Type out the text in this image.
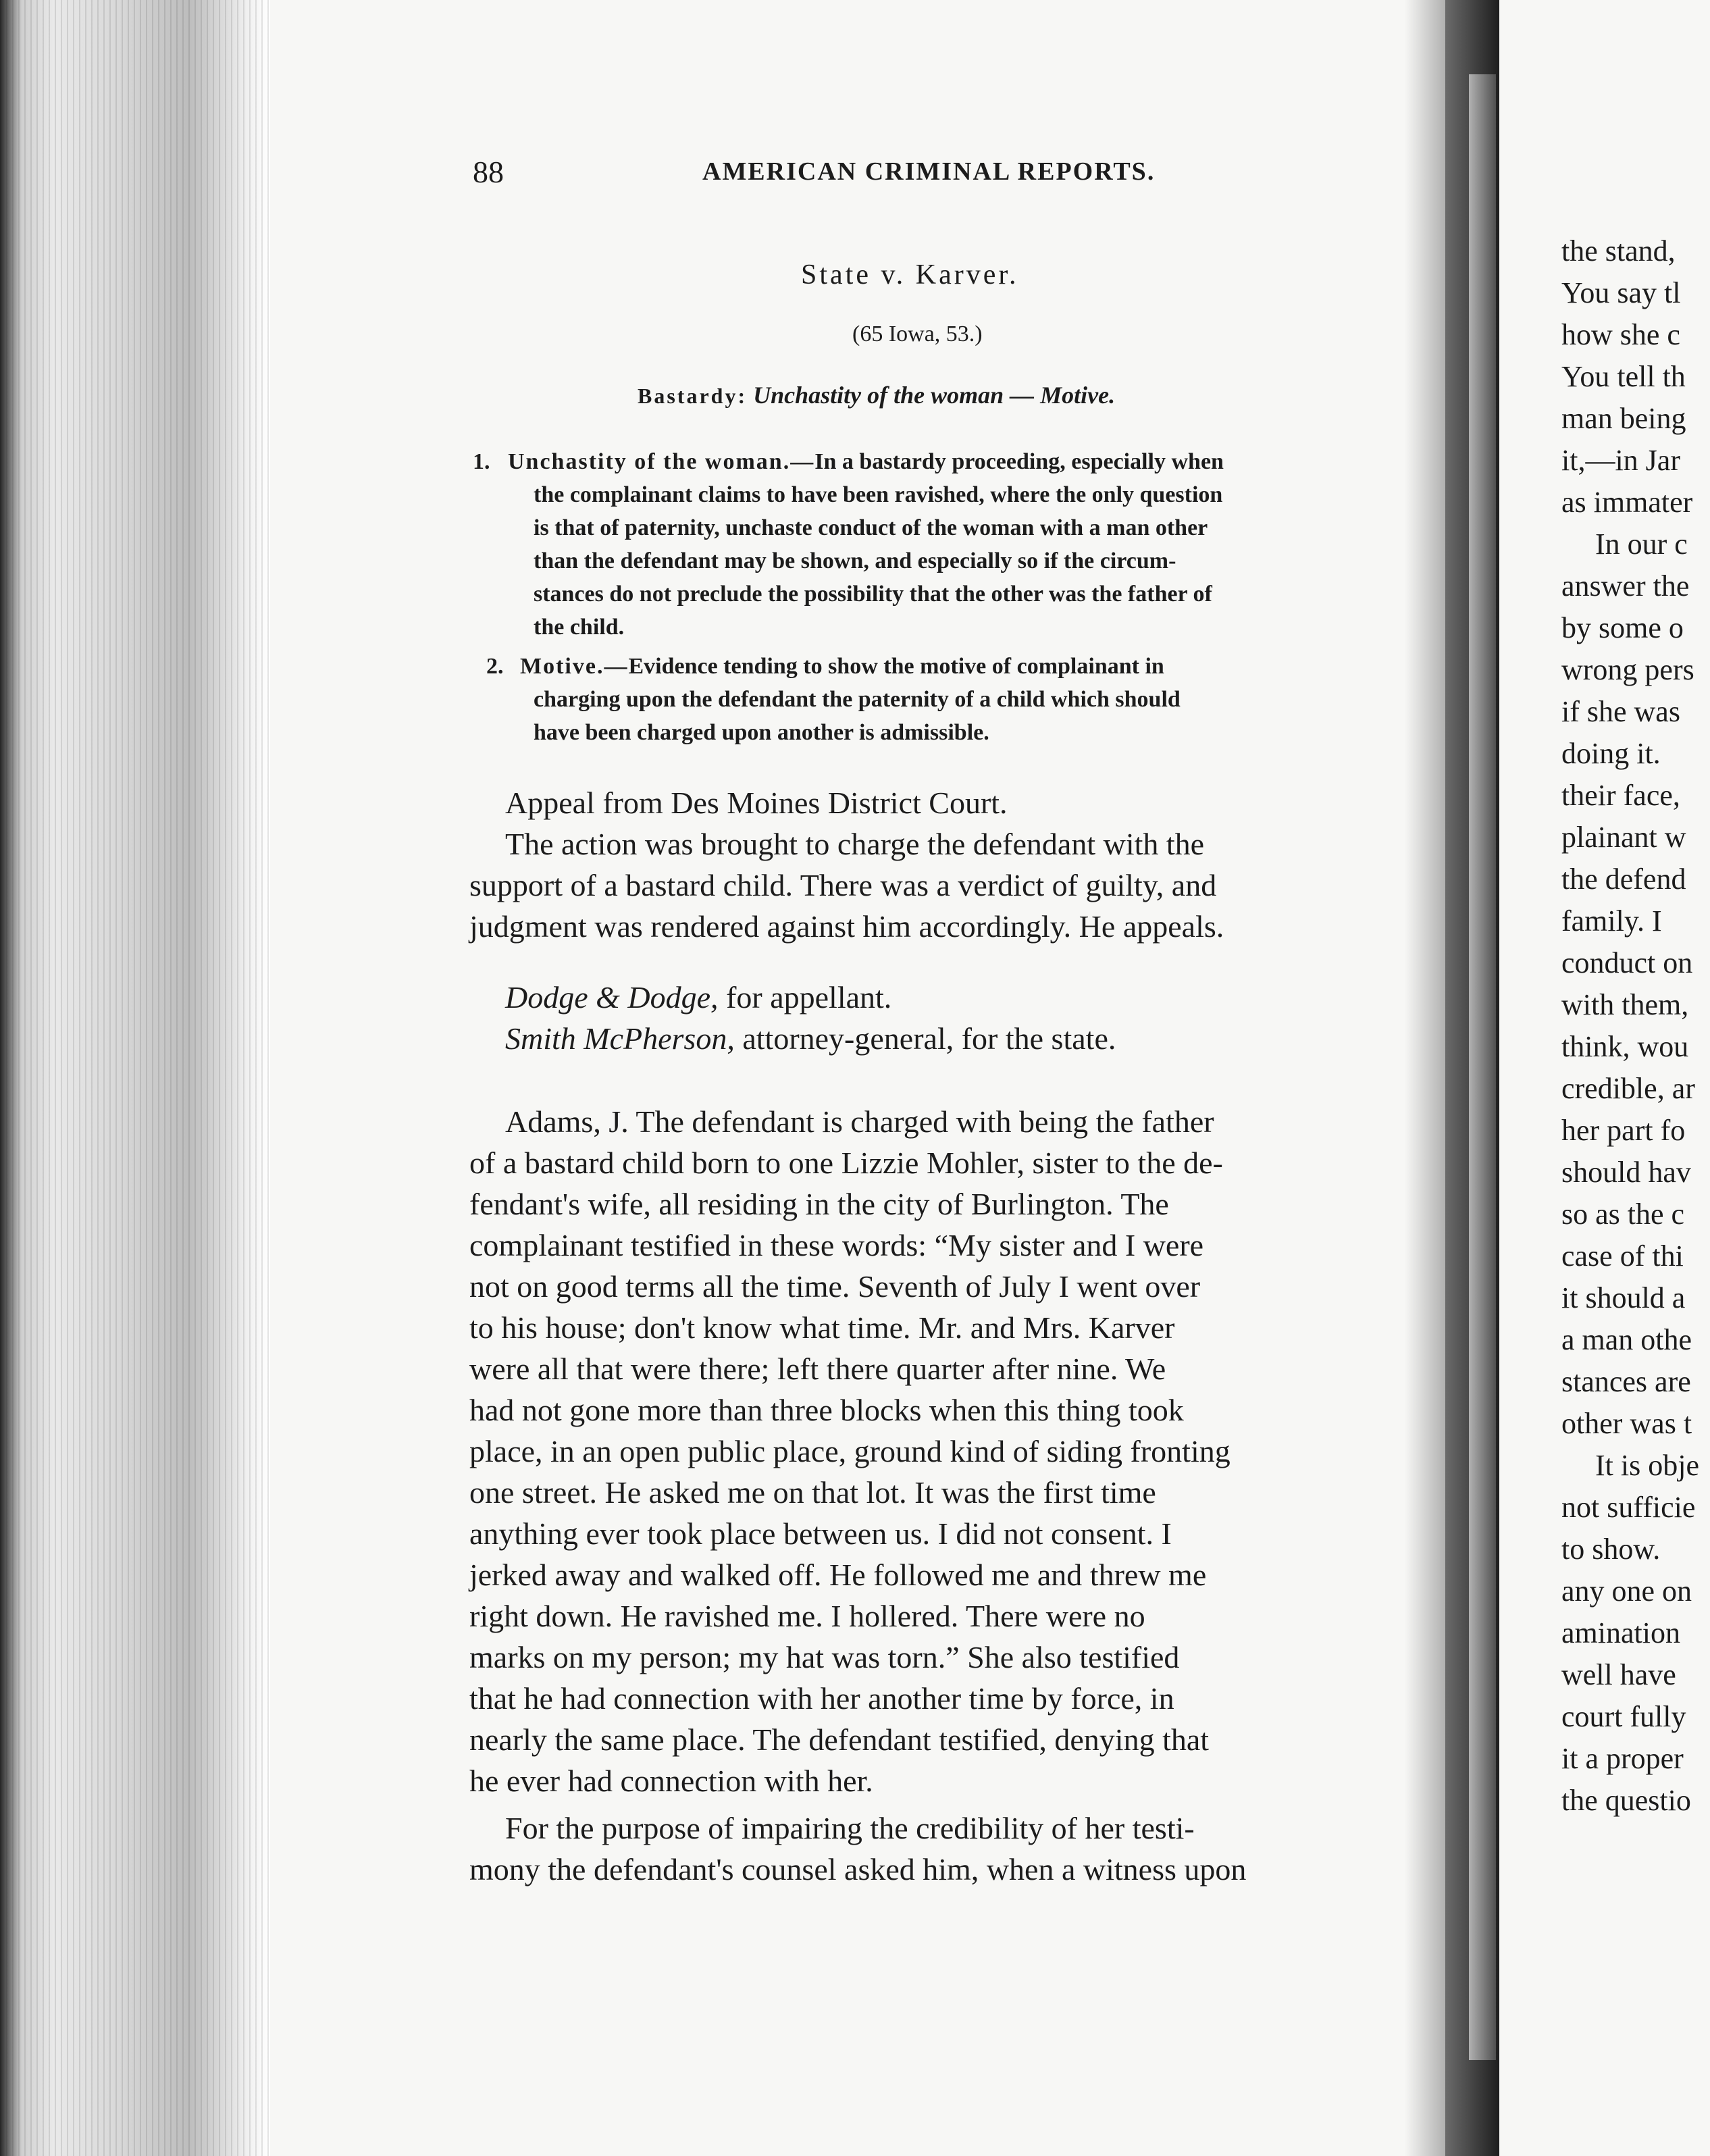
88	AMERICAN CRIMINAL REPORTS.
State v. Karver.
(65 Iowa, 53.)
Bastardy: Unchastity of the woman — Motive.
1. Unchastity of the woman.—In a bastardy proceeding, especially when
the complainant claims to have been ravished, where the only question
is that of paternity, unchaste conduct of the woman with a man other
than the defendant may be shown, and especially so if the circum-
stances do not preclude the possibility that the other was the father of
the child.
2. Motive.—Evidence tending to show the motive of complainant in
charging upon the defendant the paternity of a child which should
have been charged upon another is admissible.
Appeal from Des Moines District Court.
The action was brought to charge the defendant with the
support of a bastard child. There was a verdict of guilty, and
judgment was rendered against him accordingly. He appeals.
Dodge & Dodge, for appellant.
Smith McPherson, attorney-general, for the state.
Adams, J. The defendant is charged with being the father
of a bastard child born to one Lizzie Mohler, sister to the de-
fendant's wife, all residing in the city of Burlington. The
complainant testified in these words: “My sister and I were
not on good terms all the time. Seventh of July I went over
to his house; don't know what time. Mr. and Mrs. Karver
were all that were there; left there quarter after nine. We
had not gone more than three blocks when this thing took
place, in an open public place, ground kind of siding fronting
one street. He asked me on that lot. It was the first time
anything ever took place between us. I did not consent. I
jerked away and walked off. He followed me and threw me
right down. He ravished me. I hollered. There were no
marks on my person; my hat was torn.” She also testified
that he had connection with her another time by force, in
nearly the same place. The defendant testified, denying that
he ever had connection with her.
For the purpose of impairing the credibility of her testi-
mony the defendant's counsel asked him, when a witness upon
the stand,
You say tl
how she c
You tell th
man being
it,—in Jar
as immater
In our c
answer the
by some o
wrong pers
if she was
doing it.
their face,
plainant w
the defend
family. I
conduct on
with them,
think, wou
credible, ar
her part fo
should hav
so as the c
case of thi
it should a
a man othe
stances are
other was t
It is obje
not sufficie
to show.
any one on
amination
well have
court fully
it a proper
the questio
